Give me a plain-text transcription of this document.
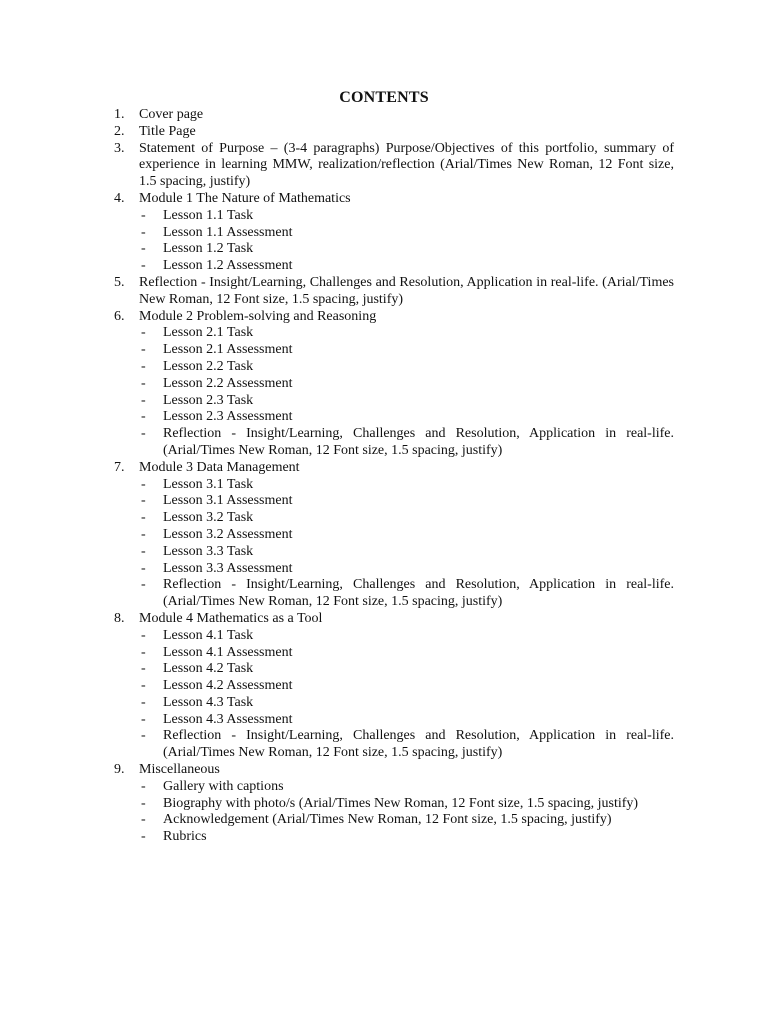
CONTENTS
1. Cover page
2. Title Page
3. Statement of Purpose – (3-4 paragraphs) Purpose/Objectives of this portfolio, summary of experience in learning MMW, realization/reflection (Arial/Times New Roman, 12 Font size, 1.5 spacing, justify)
4. Module 1 The Nature of Mathematics
- Lesson 1.1 Task
- Lesson 1.1 Assessment
- Lesson 1.2 Task
- Lesson 1.2 Assessment
5. Reflection - Insight/Learning, Challenges and Resolution, Application in real-life. (Arial/Times New Roman, 12 Font size, 1.5 spacing, justify)
6. Module 2 Problem-solving and Reasoning
- Lesson 2.1 Task
- Lesson 2.1 Assessment
- Lesson 2.2 Task
- Lesson 2.2 Assessment
- Lesson 2.3 Task
- Lesson 2.3 Assessment
- Reflection - Insight/Learning, Challenges and Resolution, Application in real-life. (Arial/Times New Roman, 12 Font size, 1.5 spacing, justify)
7. Module 3 Data Management
- Lesson 3.1 Task
- Lesson 3.1 Assessment
- Lesson 3.2 Task
- Lesson 3.2 Assessment
- Lesson 3.3 Task
- Lesson 3.3 Assessment
- Reflection - Insight/Learning, Challenges and Resolution, Application in real-life. (Arial/Times New Roman, 12 Font size, 1.5 spacing, justify)
8. Module 4 Mathematics as a Tool
- Lesson 4.1 Task
- Lesson 4.1 Assessment
- Lesson 4.2 Task
- Lesson 4.2 Assessment
- Lesson 4.3 Task
- Lesson 4.3 Assessment
- Reflection - Insight/Learning, Challenges and Resolution, Application in real-life. (Arial/Times New Roman, 12 Font size, 1.5 spacing, justify)
9. Miscellaneous
- Gallery with captions
- Biography with photo/s (Arial/Times New Roman, 12 Font size, 1.5 spacing, justify)
- Acknowledgement (Arial/Times New Roman, 12 Font size, 1.5 spacing, justify)
- Rubrics
